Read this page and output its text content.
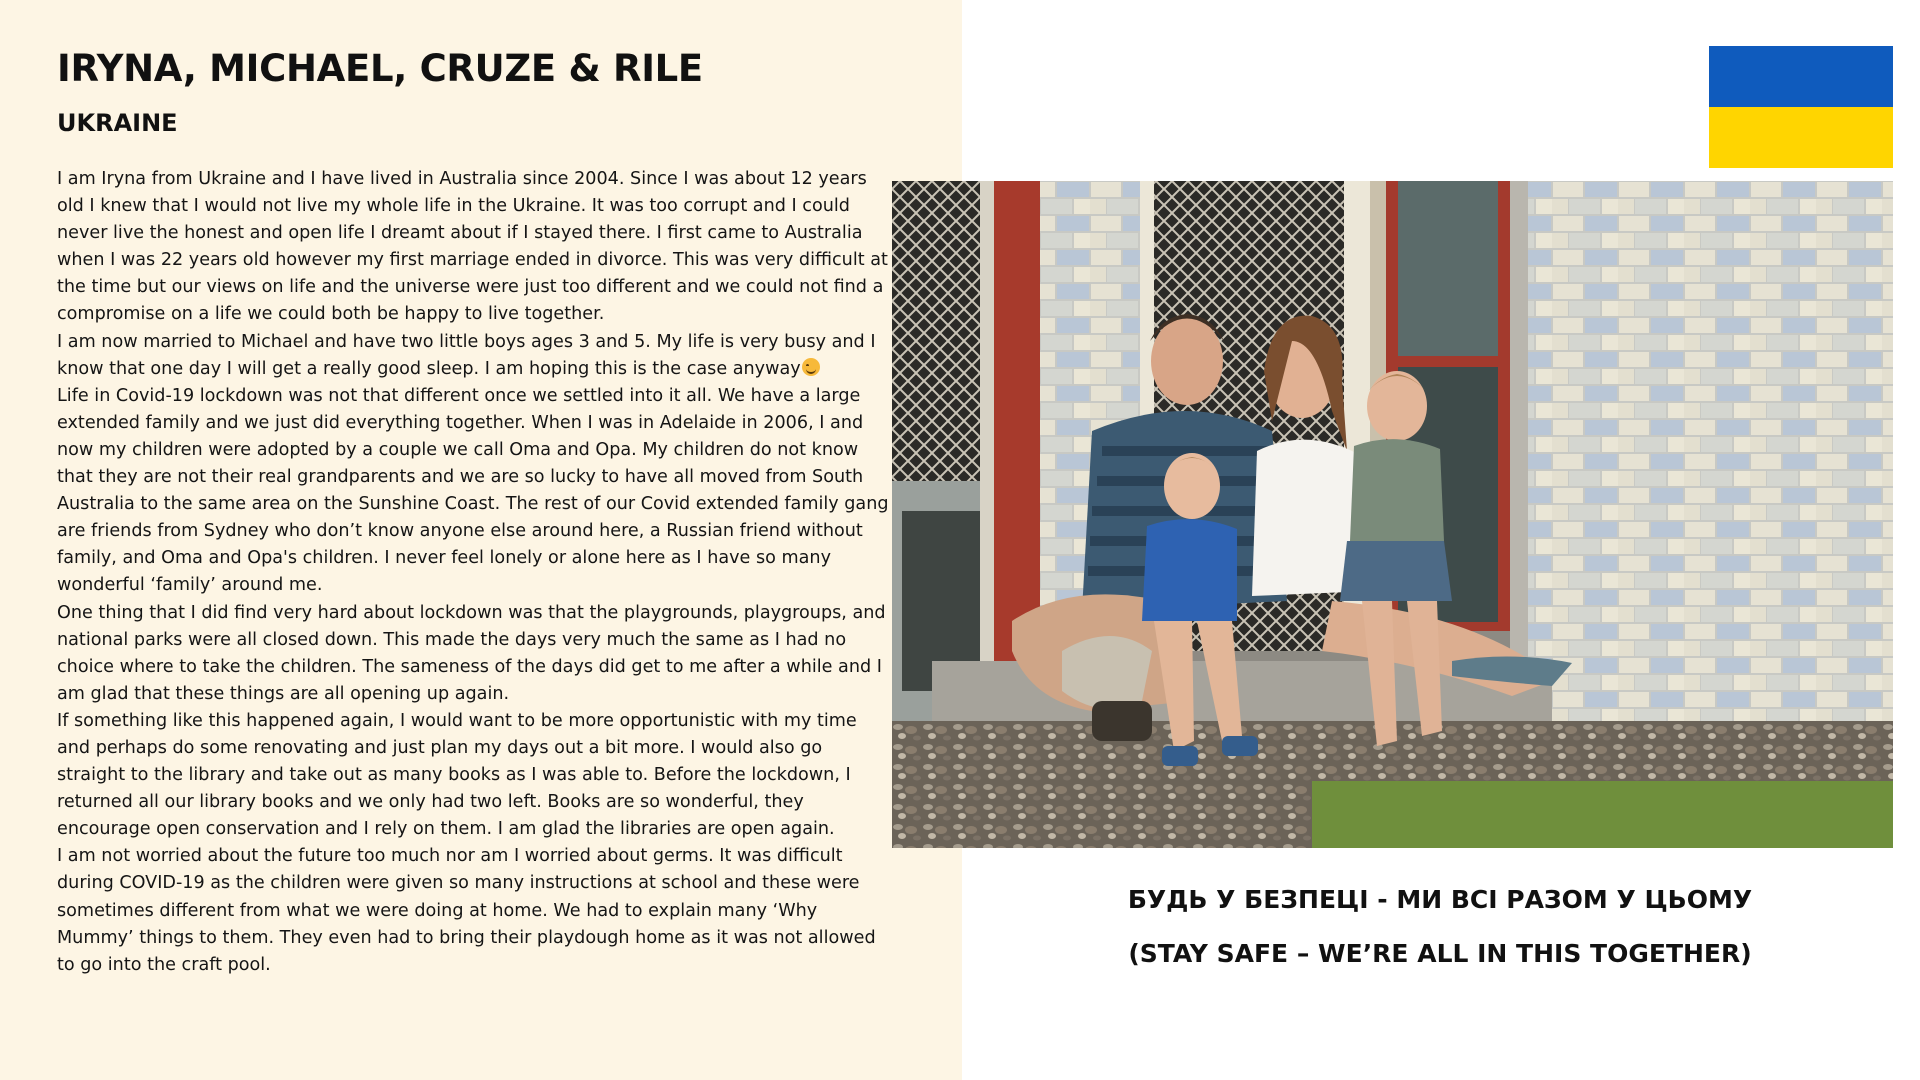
IRYNA, MICHAEL, CRUZE & RILE
UKRAINE

I am Iryna from Ukraine and I have lived in Australia since 2004. Since I was about 12 years old I knew that I would not live my whole life in the Ukraine. It was too corrupt and I could never live the honest and open life I dreamt about if I stayed there. I first came to Australia when I was 22 years old however my first marriage ended in divorce. This was very difficult at the time but our views on life and the universe were just too different and we could not find a compromise on a life we could both be happy to live together.

I am now married to Michael and have two little boys ages 3 and 5. My life is very busy and I know that one day I will get a really good sleep. I am hoping this is the case anyway

Life in Covid-19 lockdown was not that different once we settled into it all. We have a large extended family and we just did everything together. When I was in Adelaide in 2006, I and now my children were adopted by a couple we call Oma and Opa. My children do not know that they are not their real grandparents and we are so lucky to have all moved from South Australia to the same area on the Sunshine Coast. The rest of our Covid extended family gang are friends from Sydney who don’t know anyone else around here, a Russian friend without family, and Oma and Opa's children. I never feel lonely or alone here as I have so many wonderful ‘family’ around me.

One thing that I did find very hard about lockdown was that the playgrounds, playgroups, and national parks were all closed down. This made the days very much the same as I had no choice where to take the children. The sameness of the days did get to me after a while and I am glad that these things are all opening up again.

If something like this happened again, I would want to be more opportunistic with my time and perhaps do some renovating and just plan my days out a bit more. I would also go straight to the library and take out as many books as I was able to. Before the lockdown, I returned all our library books and we only had two left. Books are so wonderful, they encourage open conservation and I rely on them. I am glad the libraries are open again.

I am not worried about the future too much nor am I worried about germs. It was difficult during COVID-19 as the children were given so many instructions at school and these were sometimes different from what we were doing at home. We had to explain many ‘Why Mummy’ things to them. They even had to bring their playdough home as it was not allowed to go into the craft pool.

БУДЬ У БЕЗПЕЦІ - МИ ВСІ РАЗОМ У ЦЬОМУ
(STAY SAFE – WE’RE ALL IN THIS TOGETHER)
